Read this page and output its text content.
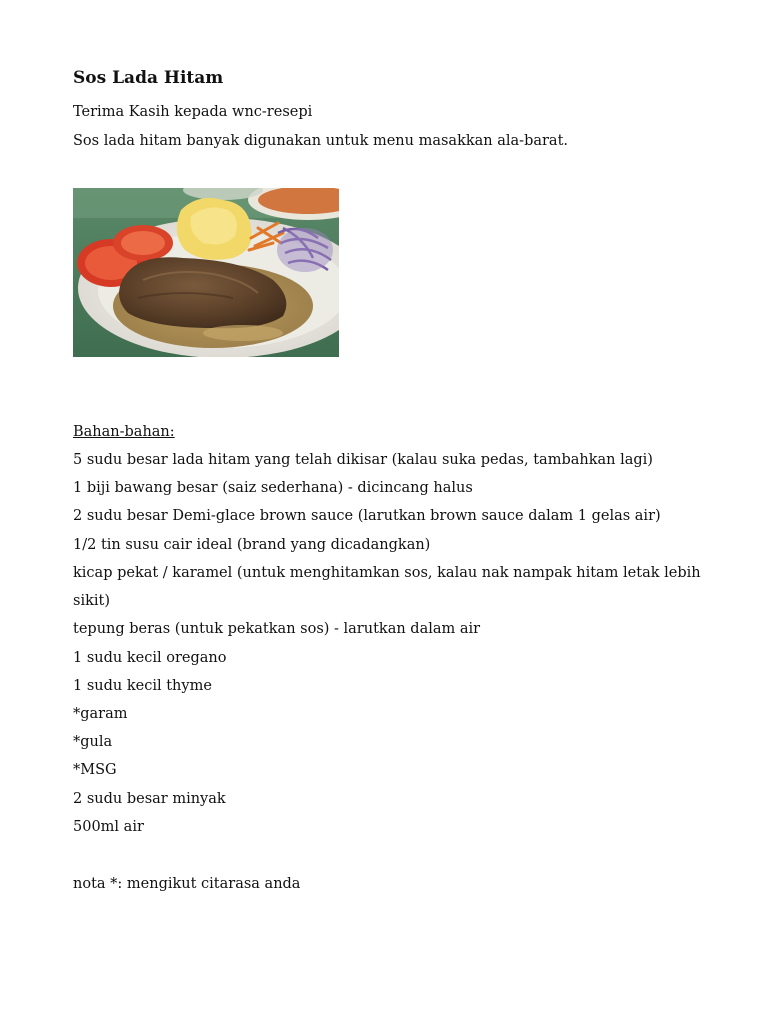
Sos Lada Hitam

Terima Kasih kepada wnc-resepi

Sos lada hitam banyak digunakan untuk menu masakkan ala-barat.

Bahan-bahan:

5 sudu besar lada hitam yang telah dikisar (kalau suka pedas, tambahkan lagi)

1 biji bawang besar (saiz sederhana) - dicincang halus

2 sudu besar Demi-glace brown sauce (larutkan brown sauce dalam 1 gelas air)

1/2 tin susu cair ideal (brand yang dicadangkan)

kicap pekat / karamel (untuk menghitamkan sos, kalau nak nampak hitam letak lebih

sikit)

tepung beras (untuk pekatkan sos) - larutkan dalam air

1 sudu kecil oregano

1 sudu kecil thyme

*garam

*gula

*MSG

2 sudu besar minyak

500ml air

nota *: mengikut citarasa anda
